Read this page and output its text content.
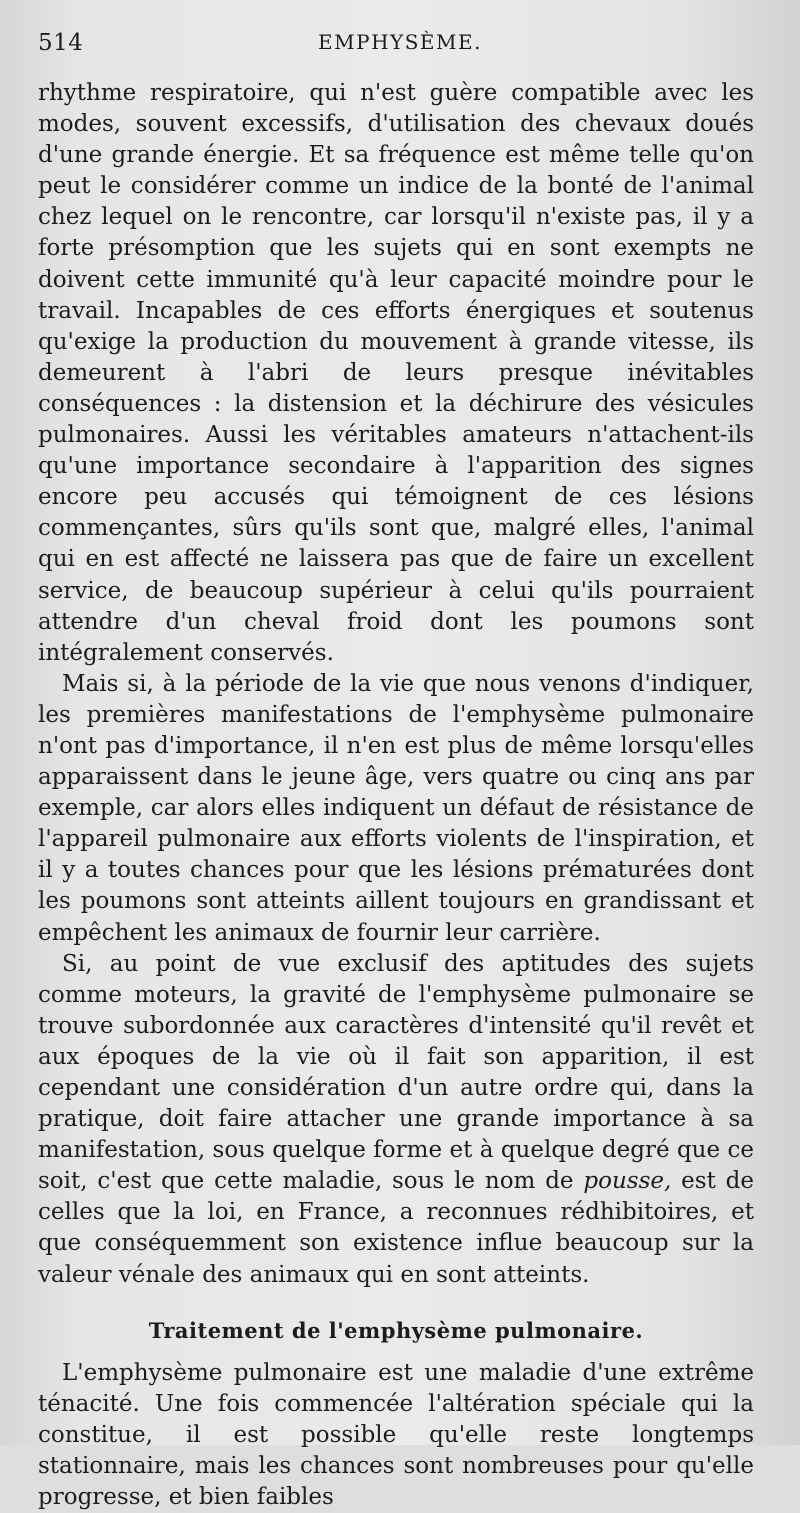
514	EMPHYSÈME.

rhythme respiratoire, qui n'est guère compatible avec les modes, souvent excessifs, d'utilisation des chevaux doués d'une grande énergie. Et sa fréquence est même telle qu'on peut le considérer comme un indice de la bonté de l'animal chez lequel on le rencontre, car lorsqu'il n'existe pas, il y a forte présomption que les sujets qui en sont exempts ne doivent cette immunité qu'à leur capacité moindre pour le travail. Incapables de ces efforts énergiques et soutenus qu'exige la production du mouvement à grande vitesse, ils demeurent à l'abri de leurs presque inévitables conséquences : la distension et la déchirure des vésicules pulmonaires. Aussi les véritables amateurs n'attachent-ils qu'une importance secondaire à l'apparition des signes encore peu accusés qui témoignent de ces lésions commençantes, sûrs qu'ils sont que, malgré elles, l'animal qui en est affecté ne laissera pas que de faire un excellent service, de beaucoup supérieur à celui qu'ils pourraient attendre d'un cheval froid dont les poumons sont intégralement conservés.

Mais si, à la période de la vie que nous venons d'indiquer, les premières manifestations de l'emphysème pulmonaire n'ont pas d'importance, il n'en est plus de même lorsqu'elles apparaissent dans le jeune âge, vers quatre ou cinq ans par exemple, car alors elles indiquent un défaut de résistance de l'appareil pulmonaire aux efforts violents de l'inspiration, et il y a toutes chances pour que les lésions prématurées dont les poumons sont atteints aillent toujours en grandissant et empêchent les animaux de fournir leur carrière.

Si, au point de vue exclusif des aptitudes des sujets comme moteurs, la gravité de l'emphysème pulmonaire se trouve subordonnée aux caractères d'intensité qu'il revêt et aux époques de la vie où il fait son apparition, il est cependant une considération d'un autre ordre qui, dans la pratique, doit faire attacher une grande importance à sa manifestation, sous quelque forme et à quelque degré que ce soit, c'est que cette maladie, sous le nom de pousse, est de celles que la loi, en France, a reconnues rédhibitoires, et que conséquemment son existence influe beaucoup sur la valeur vénale des animaux qui en sont atteints.

Traitement de l'emphysème pulmonaire.

L'emphysème pulmonaire est une maladie d'une extrême ténacité. Une fois commencée l'altération spéciale qui la constitue, il est possible qu'elle reste longtemps stationnaire, mais les chances sont nombreuses pour qu'elle progresse, et bien faibles
